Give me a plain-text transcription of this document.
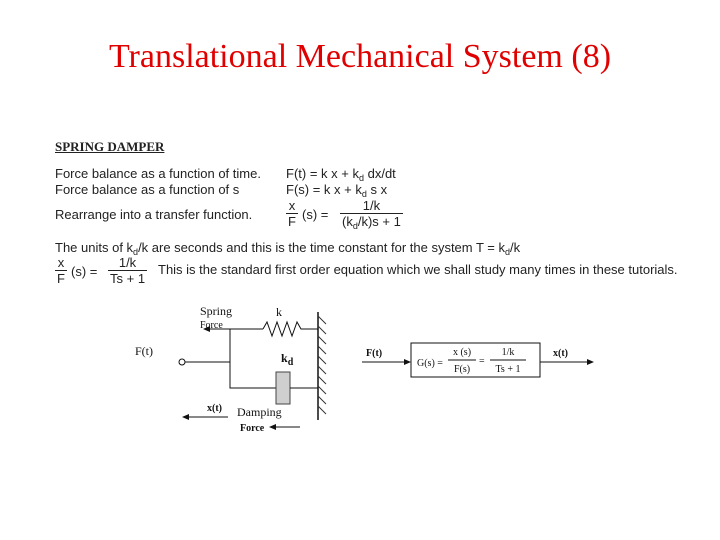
Translational Mechanical System (8)
SPRING DAMPER
Force balance as a function of time. F(t) = k $x + k_d$ dx/dt
Force balance as a function of s	F(s) = k $x + k_d$ s x
Rearrange into a transfer function.	$\frac{x}{F} (s) = \frac{1/k}{(k_d/k)s + 1}$
The units of $k_d/k$ are seconds and this is the time constant for the system $T = k_d/k$
$\frac{x}{F} (s) = \frac{1/k}{Ts + 1}$ This is the standard first order equation which we shall study many times in these tutorials.
Spring
Force
k
$k_d$
F(t)
x(t) Damping
Force
F(t)	x(t)
G(s) =
x (s)
F(s)
=
1/k
Ts + 1
